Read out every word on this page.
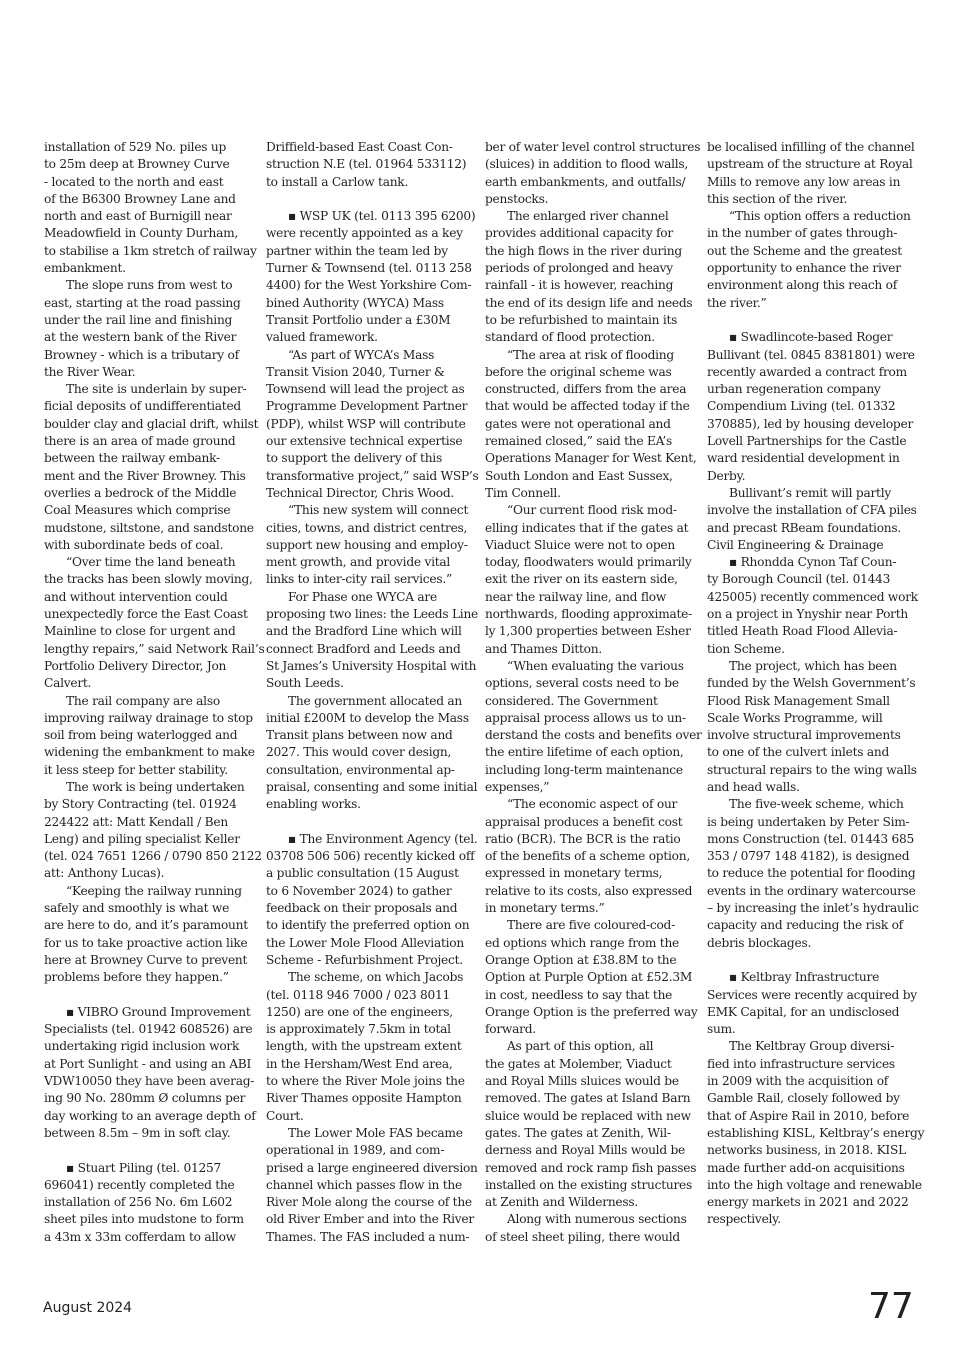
installation of 529 No. piles up
to 25m deep at Browney Curve
- located to the north and east
of the B6300 Browney Lane and
north and east of Burnigill near
Meadowfield in County Durham,
to stabilise a 1km stretch of railway
embankment.

The slope runs from west to
east, starting at the road passing
under the rail line and finishing
at the western bank of the River
Browney - which is a tributary of
the River Wear.

The site is underlain by super-
ficial deposits of undifferentiated
boulder clay and glacial drift, whilst
there is an area of made ground
between the railway embank-
ment and the River Browney. This
overlies a bedrock of the Middle
Coal Measures which comprise
mudstone, siltstone, and sandstone
with subordinate beds of coal.

“Over time the land beneath
the tracks has been slowly moving,
and without intervention could
unexpectedly force the East Coast
Mainline to close for urgent and
lengthy repairs,” said Network Rail’s
Portfolio Delivery Director, Jon
Calvert.

The rail company are also
improving railway drainage to stop
soil from being waterlogged and
widening the embankment to make
it less steep for better stability.

The work is being undertaken
by Story Contracting (tel. 01924
224422 att: Matt Kendall / Ben
Leng) and piling specialist Keller
(tel. 024 7651 1266 / 0790 850 2122
att: Anthony Lucas).

“Keeping the railway running
safely and smoothly is what we
are here to do, and it’s paramount
for us to take proactive action like
here at Browney Curve to prevent
problems before they happen.”

▪ VIBRO Ground Improvement
Specialists (tel. 01942 608526) are
undertaking rigid inclusion work
at Port Sunlight - and using an ABI
VDW10050 they have been averag-
ing 90 No. 280mm Ø columns per
day working to an average depth of
between 8.5m – 9m in soft clay.

▪ Stuart Piling (tel. 01257
696041) recently completed the
installation of 256 No. 6m L602
sheet piles into mudstone to form
a 43m x 33m cofferdam to allow

Driffield-based East Coast Con-
struction N.E (tel. 01964 533112)
to install a Carlow tank.

▪ WSP UK (tel. 0113 395 6200)
were recently appointed as a key
partner within the team led by
Turner & Townsend (tel. 0113 258
4400) for the West Yorkshire Com-
bined Authority (WYCA) Mass
Transit Portfolio under a £30M
valued framework.

“As part of WYCA’s Mass
Transit Vision 2040, Turner &
Townsend will lead the project as
Programme Development Partner
(PDP), whilst WSP will contribute
our extensive technical expertise
to support the delivery of this
transformative project,” said WSP’s
Technical Director, Chris Wood.

“This new system will connect
cities, towns, and district centres,
support new housing and employ-
ment growth, and provide vital
links to inter-city rail services.”

For Phase one WYCA are
proposing two lines: the Leeds Line
and the Bradford Line which will
connect Bradford and Leeds and
St James’s University Hospital with
South Leeds.

The government allocated an
initial £200M to develop the Mass
Transit plans between now and
2027. This would cover design,
consultation, environmental ap-
praisal, consenting and some initial
enabling works.

▪ The Environment Agency (tel.
03708 506 506) recently kicked off
a public consultation (15 August
to 6 November 2024) to gather
feedback on their proposals and
to identify the preferred option on
the Lower Mole Flood Alleviation
Scheme - Refurbishment Project.

The scheme, on which Jacobs
(tel. 0118 946 7000 / 023 8011
1250) are one of the engineers,
is approximately 7.5km in total
length, with the upstream extent
in the Hersham/West End area,
to where the River Mole joins the
River Thames opposite Hampton
Court.

The Lower Mole FAS became
operational in 1989, and com-
prised a large engineered diversion
channel which passes flow in the
River Mole along the course of the
old River Ember and into the River
Thames. The FAS included a num-

ber of water level control structures
(sluices) in addition to flood walls,
earth embankments, and outfalls/
penstocks.

The enlarged river channel
provides additional capacity for
the high flows in the river during
periods of prolonged and heavy
rainfall - it is however, reaching
the end of its design life and needs
to be refurbished to maintain its
standard of flood protection.

“The area at risk of flooding
before the original scheme was
constructed, differs from the area
that would be affected today if the
gates were not operational and
remained closed,” said the EA’s
Operations Manager for West Kent,
South London and East Sussex,
Tim Connell.

“Our current flood risk mod-
elling indicates that if the gates at
Viaduct Sluice were not to open
today, floodwaters would primarily
exit the river on its eastern side,
near the railway line, and flow
northwards, flooding approximate-
ly 1,300 properties between Esher
and Thames Ditton.

“When evaluating the various
options, several costs need to be
considered. The Government
appraisal process allows us to un-
derstand the costs and benefits over
the entire lifetime of each option,
including long-term maintenance
expenses,”

“The economic aspect of our
appraisal produces a benefit cost
ratio (BCR). The BCR is the ratio
of the benefits of a scheme option,
expressed in monetary terms,
relative to its costs, also expressed
in monetary terms.”

There are five coloured-cod-
ed options which range from the
Orange Option at £38.8M to the
Option at Purple Option at £52.3M
in cost, needless to say that the
Orange Option is the preferred way
forward.

As part of this option, all
the gates at Molember, Viaduct
and Royal Mills sluices would be
removed. The gates at Island Barn
sluice would be replaced with new
gates. The gates at Zenith, Wil-
derness and Royal Mills would be
removed and rock ramp fish passes
installed on the existing structures
at Zenith and Wilderness.

Along with numerous sections
of steel sheet piling, there would

be localised infilling of the channel
upstream of the structure at Royal
Mills to remove any low areas in
this section of the river.

“This option offers a reduction
in the number of gates through-
out the Scheme and the greatest
opportunity to enhance the river
environment along this reach of
the river.”

▪ Swadlincote-based Roger
Bullivant (tel. 0845 8381801) were
recently awarded a contract from
urban regeneration company
Compendium Living (tel. 01332
370885), led by housing developer
Lovell Partnerships for the Castle
ward residential development in
Derby.

Bullivant’s remit will partly
involve the installation of CFA piles
and precast RBeam foundations.

Civil Engineering & Drainage

▪ Rhondda Cynon Taf Coun-
ty Borough Council (tel. 01443
425005) recently commenced work
on a project in Ynyshir near Porth
titled Heath Road Flood Allevia-
tion Scheme.

The project, which has been
funded by the Welsh Government’s
Flood Risk Management Small
Scale Works Programme, will
involve structural improvements
to one of the culvert inlets and
structural repairs to the wing walls
and head walls.

The five-week scheme, which
is being undertaken by Peter Sim-
mons Construction (tel. 01443 685
353 / 0797 148 4182), is designed
to reduce the potential for flooding
events in the ordinary watercourse
– by increasing the inlet’s hydraulic
capacity and reducing the risk of
debris blockages.

▪ Keltbray Infrastructure
Services were recently acquired by
EMK Capital, for an undisclosed
sum.

The Keltbray Group diversi-
fied into infrastructure services
in 2009 with the acquisition of
Gamble Rail, closely followed by
that of Aspire Rail in 2010, before
establishing KISL, Keltbray’s energy
networks business, in 2018. KISL
made further add-on acquisitions
into the high voltage and renewable
energy markets in 2021 and 2022
respectively.

August 2024	77
